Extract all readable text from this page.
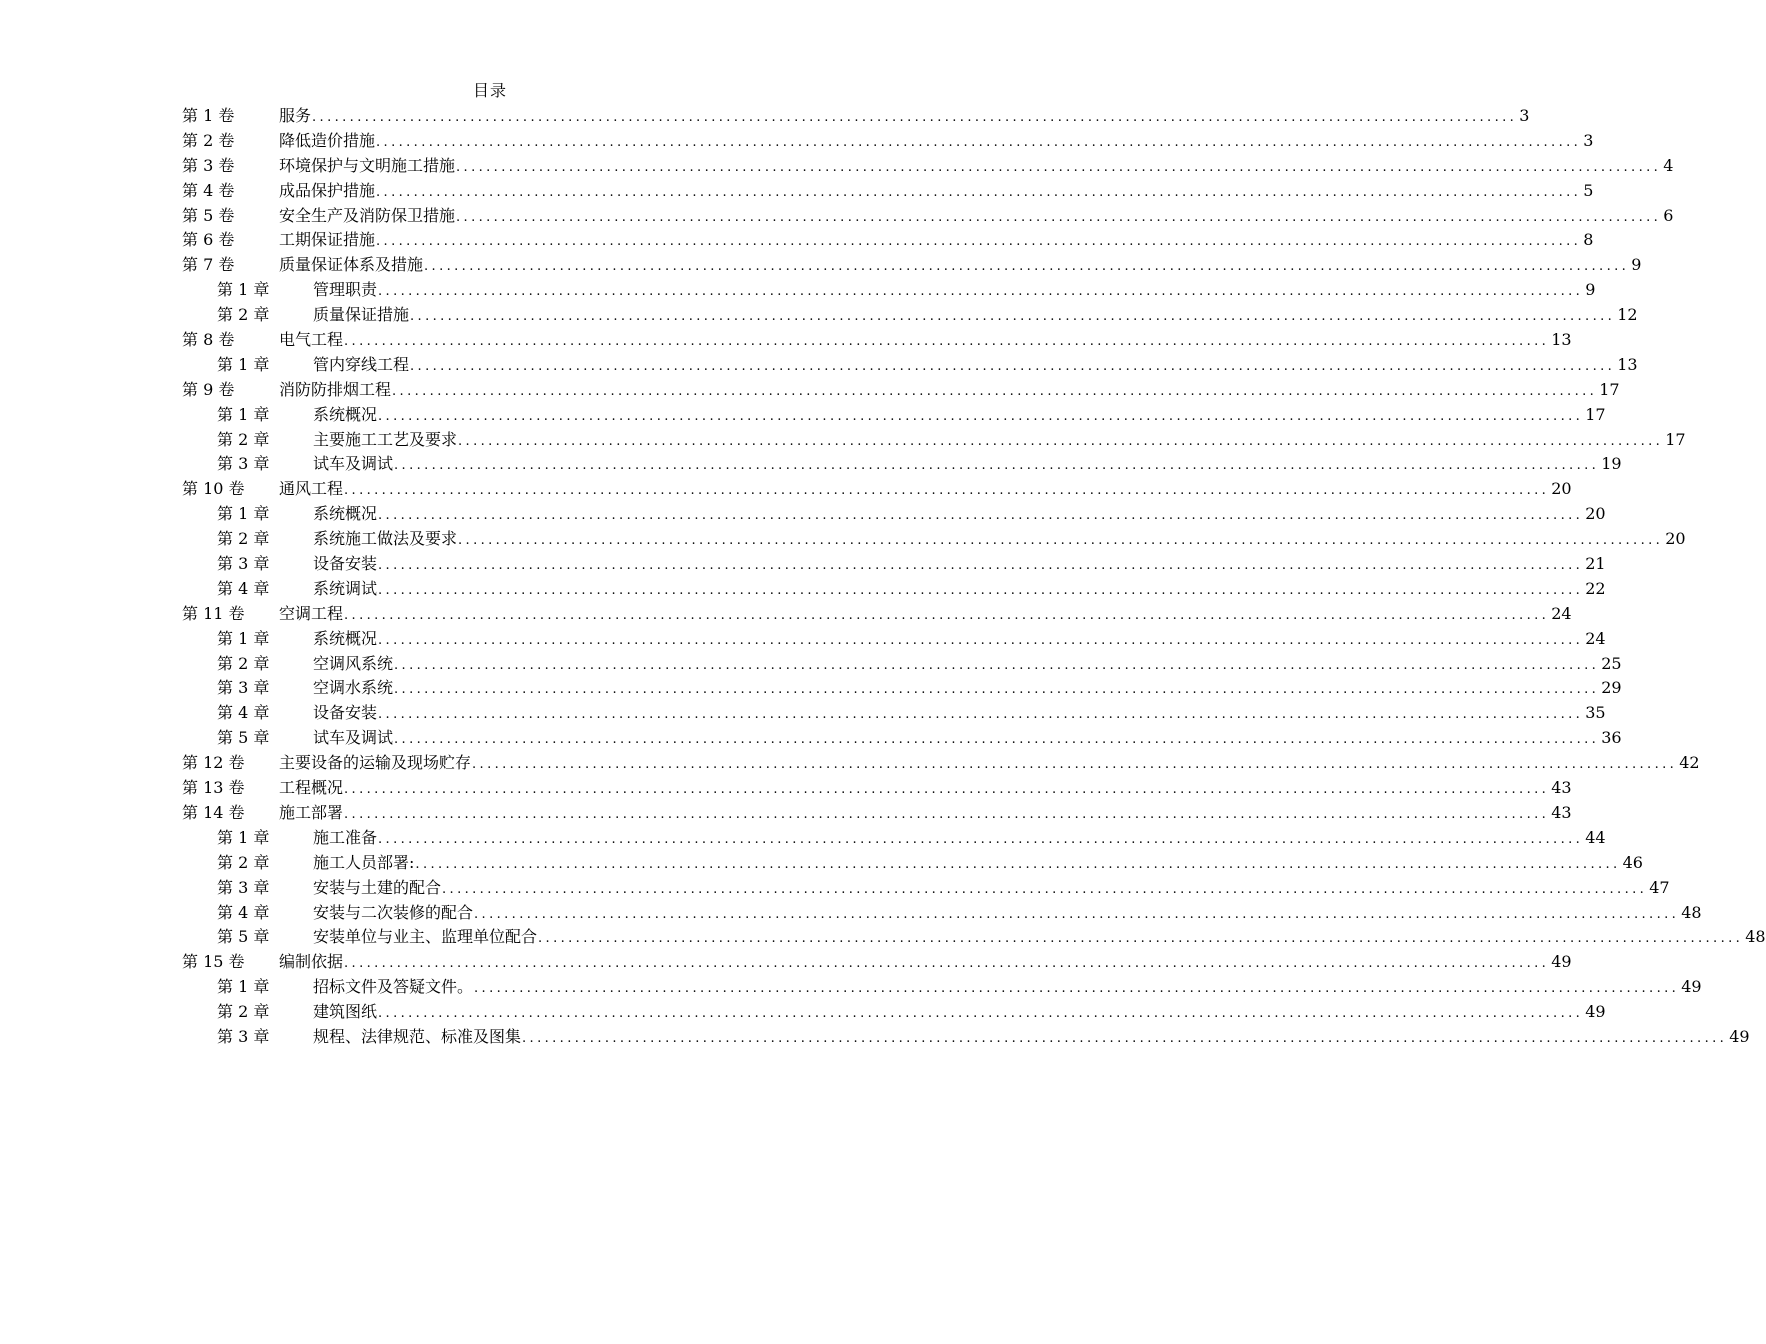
目录
第 1 卷	服务 ................................................................................................................................................................ 3
第 2 卷	降低造价措施 ................................................................................................................................................................ 3
第 3 卷	环境保护与文明施工措施 ................................................................................................................................................................ 4
第 4 卷	成品保护措施 ................................................................................................................................................................ 5
第 5 卷	安全生产及消防保卫措施 ................................................................................................................................................................ 6
第 6 卷	工期保证措施 ................................................................................................................................................................ 8
第 7 卷	质量保证体系及措施 ................................................................................................................................................................ 9
第 1 章	管理职责 ................................................................................................................................................................ 9
第 2 章	质量保证措施 ................................................................................................................................................................ 12
第 8 卷	电气工程 ................................................................................................................................................................ 13
第 1 章	管内穿线工程 ................................................................................................................................................................ 13
第 9 卷	消防防排烟工程 ................................................................................................................................................................ 17
第 1 章	系统概况 ................................................................................................................................................................ 17
第 2 章	主要施工工艺及要求 ................................................................................................................................................................ 17
第 3 章	试车及调试 ................................................................................................................................................................ 19
第 10 卷 通风工程 ................................................................................................................................................................ 20
第 1 章	系统概况 ................................................................................................................................................................ 20
第 2 章	系统施工做法及要求 ................................................................................................................................................................ 20
第 3 章	设备安装 ................................................................................................................................................................ 21
第 4 章	系统调试 ................................................................................................................................................................ 22
第 11 卷 空调工程 ................................................................................................................................................................ 24
第 1 章	系统概况 ................................................................................................................................................................ 24
第 2 章	空调风系统 ................................................................................................................................................................ 25
第 3 章	空调水系统 ................................................................................................................................................................ 29
第 4 章	设备安装 ................................................................................................................................................................ 35
第 5 章	试车及调试 ................................................................................................................................................................ 36
第 12 卷 主要设备的运输及现场贮存 ................................................................................................................................................................ 42
第 13 卷 工程概况 ................................................................................................................................................................ 43
第 14 卷 施工部署 ................................................................................................................................................................ 43
第 1 章	施工准备 ................................................................................................................................................................ 44
第 2 章	施工人员部署: ................................................................................................................................................................ 46
第 3 章	安装与土建的配合 ................................................................................................................................................................ 47
第 4 章	安装与二次装修的配合 ................................................................................................................................................................ 48
第 5 章	安装单位与业主、监理单位配合 ................................................................................................................................................................ 48
第 15 卷 编制依据 ................................................................................................................................................................ 49
第 1 章	招标文件及答疑文件。 ................................................................................................................................................................ 49
第 2 章	建筑图纸 ................................................................................................................................................................ 49
第 3 章	规程、法律规范、标准及图集 ................................................................................................................................................................ 49
